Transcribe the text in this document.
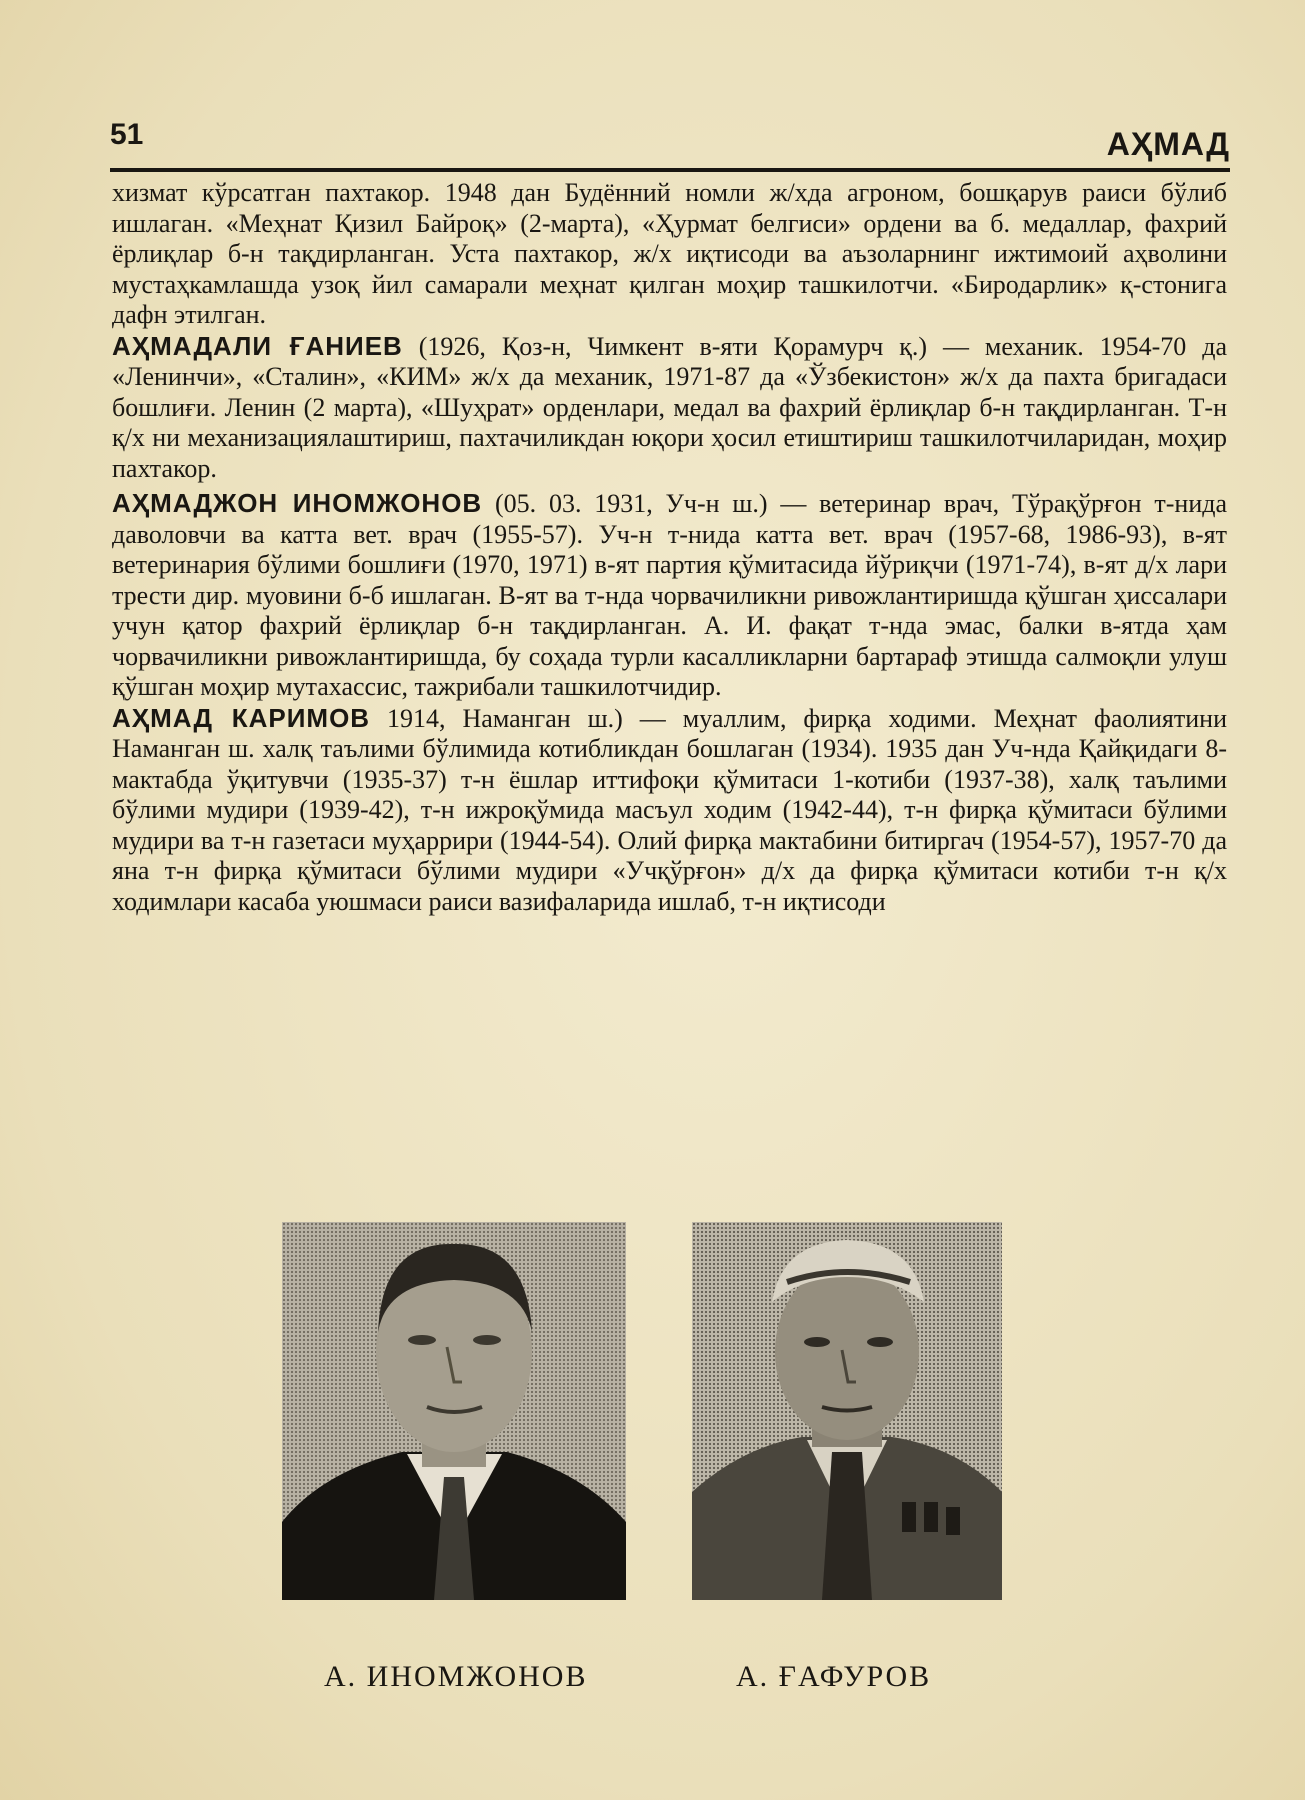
51	АҲМАД

хизмат кўрсатган пахтакор. 1948 дан Будённий номли ж/хда агроном, бошқарув раиси бўлиб ишлаган. «Меҳнат Қизил Байроқ» (2-марта), «Ҳурмат белгиси» ордени ва б. медаллар, фахрий ёрлиқлар б-н тақдирланган. Уста пахтакор, ж/х иқтисоди ва аъзоларнинг ижтимоий аҳволини мустаҳкамлашда узоқ йил самарали меҳнат қилган моҳир ташкилотчи. «Биродарлик» қ-стонига дафн этилган.

АҲМАДАЛИ ҒАНИЕВ (1926, Қоз-н, Чимкент в-яти Қорамурч қ.) — механик. 1954-70 да «Ленинчи», «Сталин», «КИМ» ж/х да механик, 1971-87 да «Ўзбекистон» ж/х да пахта бригадаси бошлиғи. Ленин (2 марта), «Шуҳрат» орденлари, медал ва фахрий ёрлиқлар б-н тақдирланган. Т-н қ/х ни механизациялаштириш, пахтачиликдан юқори ҳосил етиштириш ташкилотчиларидан, моҳир пахтакор.

АҲМАДЖОН ИНОМЖОНОВ (05. 03. 1931, Уч-н ш.) — ветеринар врач, Тўрақўрғон т-нида даволовчи ва катта вет. врач (1955-57). Уч-н т-нида катта вет. врач (1957-68, 1986-93), в-ят ветеринария бўлими бошлиғи (1970, 1971) в-ят партия қўмитасида йўриқчи (1971-74), в-ят д/х лари трести дир. муовини б-б ишлаган. В-ят ва т-нда чорвачиликни ривожлантиришда қўшган ҳиссалари учун қатор фахрий ёрлиқлар б-н тақдирланган. А. И. фақат т-нда эмас, балки в-ятда ҳам чорвачиликни ривожлантиришда, бу соҳада турли касалликларни бартараф этишда салмоқли улуш қўшган моҳир мутахассис, тажрибали ташкилотчидир.

АҲМАД КАРИМОВ 1914, Наманган ш.) — муаллим, фирқа ходими. Меҳнат фаолиятини Наманган ш. халқ таълими бўлимида котибликдан бошлаган (1934). 1935 дан Уч-нда Қайқидаги 8-мактабда ўқитувчи (1935-37) т-н ёшлар иттифоқи қўмитаси 1-котиби (1937-38), халқ таълими бўлими мудири (1939-42), т-н ижроқўмида масъул ходим (1942-44), т-н фирқа қўмитаси бўлими мудири ва т-н газетаси муҳаррири (1944-54). Олий фирқа мактабини битиргач (1954-57), 1957-70 да яна т-н фирқа қўмитаси бўлими мудири «Учқўрғон» д/х да фирқа қўмитаси котиби т-н қ/х ходимлари касаба уюшмаси раиси вазифаларида ишлаб, т-н иқтисоди

А. ИНОМЖОНОВ	А. ҒАФУРОВ
